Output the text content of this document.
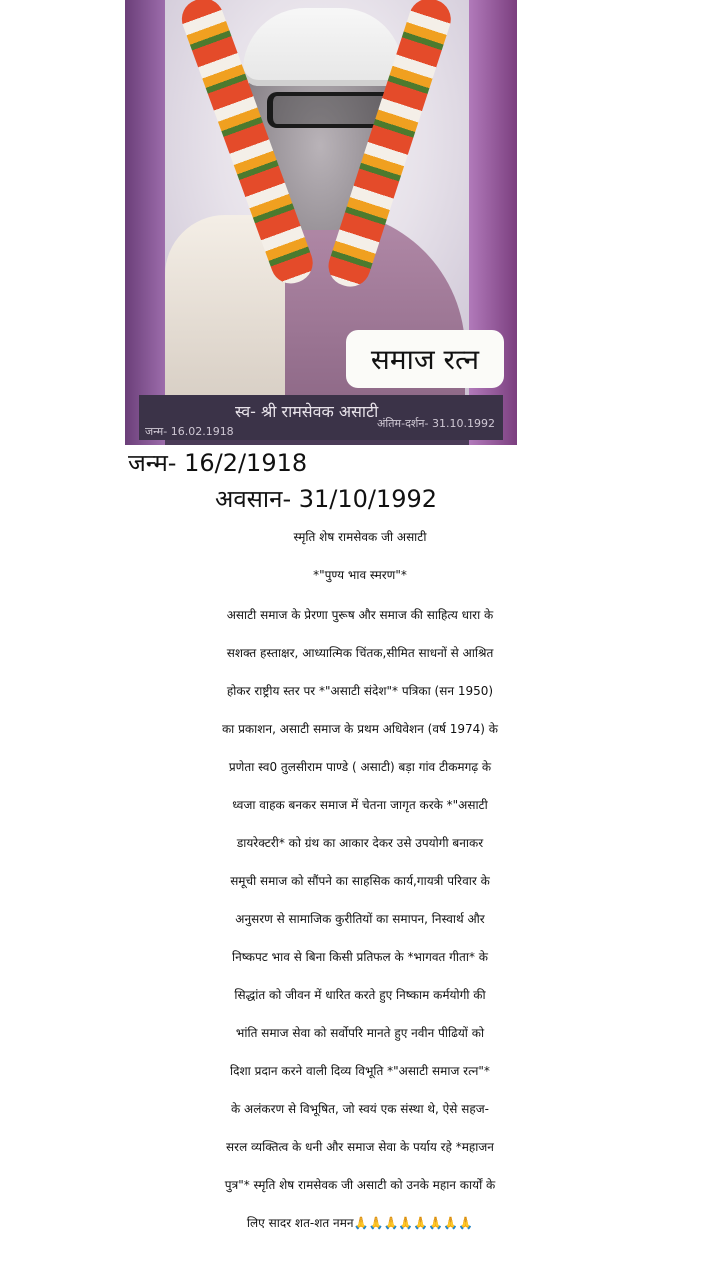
समाज रत्न
स्व- श्री रामसेवक असाटी
जन्म- 16.02.1918
अंतिम-दर्शन- 31.10.1992
जन्म- 16/2/1918
अवसान- 31/10/1992
स्मृति शेष रामसेवक जी असाटी
*"पुण्य भाव स्मरण"*
असाटी समाज के प्रेरणा पुरूष और समाज की साहित्य धारा के
सशक्त हस्ताक्षर, आध्यात्मिक चिंतक,सीमित साधनों से आश्रित
होकर राष्ट्रीय स्तर पर *"असाटी संदेश"* पत्रिका (सन 1950)
का प्रकाशन, असाटी समाज के प्रथम अधिवेशन (वर्ष 1974) के
प्रणेता स्व0 तुलसीराम पाण्डे ( असाटी) बड़ा गांव टीकमगढ़ के
ध्वजा वाहक बनकर समाज में चेतना जागृत करके *"असाटी
डायरेक्टरी* को ग्रंथ का आकार देकर उसे उपयोगी बनाकर
समूची समाज को सौंपने का साहसिक कार्य,गायत्री परिवार के
अनुसरण से सामाजिक कुरीतियों का समापन, निस्वार्थ और
निष्कपट भाव से बिना किसी प्रतिफल के *भागवत गीता* के
सिद्धांत को जीवन में धारित करते हुए निष्काम कर्मयोगी की
भांति समाज सेवा को सर्वोपरि मानते हुए नवीन पीढियों को
दिशा प्रदान करने वाली दिव्य विभूति *"असाटी समाज रत्न"*
के अलंकरण से विभूषित, जो स्वयं एक संस्था थे, ऐसे सहज-
सरल व्यक्तित्व के धनी और समाज सेवा के पर्याय रहे *महाजन
पुत्र"* स्मृति शेष रामसेवक जी असाटी को उनके महान कार्यों के
लिए सादर शत-शत नमन🙏🙏🙏🙏🙏🙏🙏🙏
